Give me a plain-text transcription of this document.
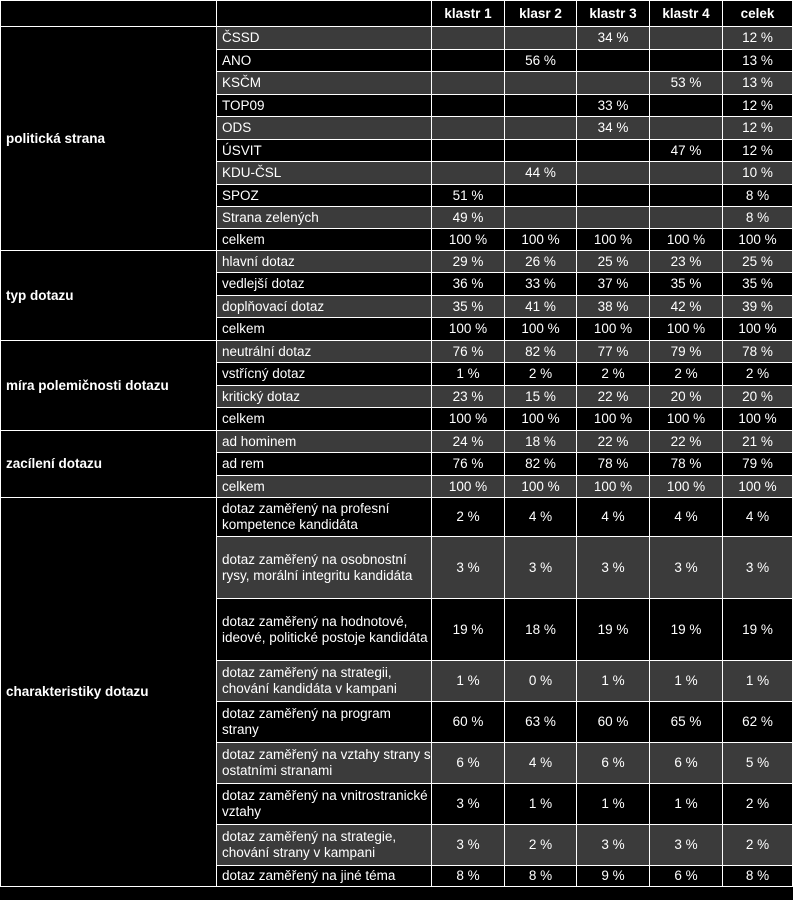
		klastr 1	klasr 2	klastr 3	klastr 4	celek
politická strana	ČSSD			34 %		12 %
	ANO		56 %			13 %
	KSČM				53 %	13 %
	TOP09			33 %		12 %
	ODS			34 %		12 %
	ÚSVIT				47 %	12 %
	KDU-ČSL		44 %			10 %
	SPOZ	51 %				8 %
	Strana zelených	49 %				8 %
	celkem	100 %	100 %	100 %	100 %	100 %
typ dotazu	hlavní dotaz	29 %	26 %	25 %	23 %	25 %
	vedlejší dotaz	36 %	33 %	37 %	35 %	35 %
	doplňovací dotaz	35 %	41 %	38 %	42 %	39 %
	celkem	100 %	100 %	100 %	100 %	100 %
míra polemičnosti dotazu	neutrální dotaz	76 %	82 %	77 %	79 %	78 %
	vstřícný dotaz	1 %	2 %	2 %	2 %	2 %
	kritický dotaz	23 %	15 %	22 %	20 %	20 %
	celkem	100 %	100 %	100 %	100 %	100 %
zacílení dotazu	ad hominem	24 %	18 %	22 %	22 %	21 %
	ad rem	76 %	82 %	78 %	78 %	79 %
	celkem	100 %	100 %	100 %	100 %	100 %
charakteristiky dotazu	dotaz zaměřený na profesní kompetence kandidáta	2 %	4 %	4 %	4 %	4 %
	dotaz zaměřený na osobnostní rysy, morální integritu kandidáta	3 %	3 %	3 %	3 %	3 %
	dotaz zaměřený na hodnotové, ideové, politické postoje kandidáta	19 %	18 %	19 %	19 %	19 %
	dotaz zaměřený na strategii, chování kandidáta v kampani	1 %	0 %	1 %	1 %	1 %
	dotaz zaměřený na program strany	60 %	63 %	60 %	65 %	62 %
	dotaz zaměřený na vztahy strany s ostatními stranami	6 %	4 %	6 %	6 %	5 %
	dotaz zaměřený na vnitrostranické vztahy	3 %	1 %	1 %	1 %	2 %
	dotaz zaměřený na strategie, chování strany v kampani	3 %	2 %	3 %	3 %	2 %
	dotaz zaměřený na jiné téma	8 %	8 %	9 %	6 %	8 %
